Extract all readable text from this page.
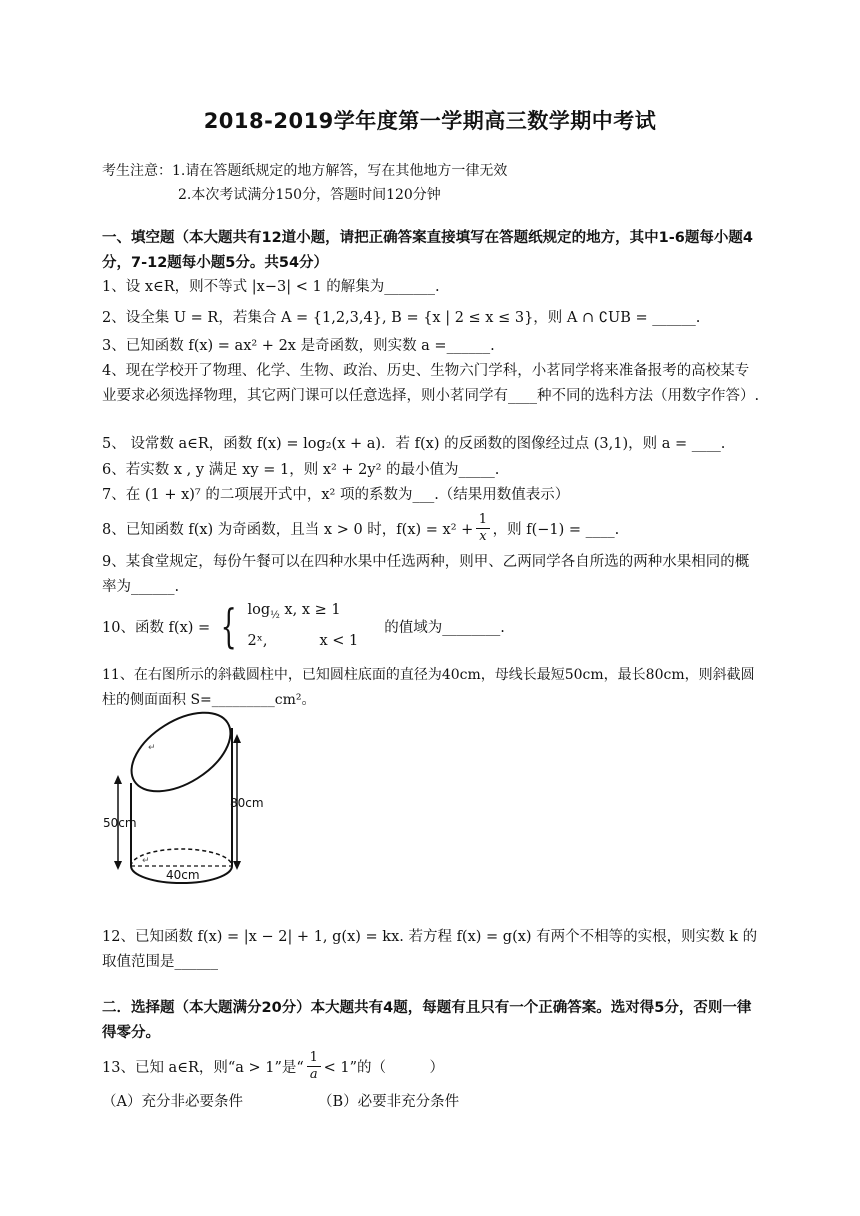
2018-2019学年度第一学期高三数学期中考试
考生注意： 1.请在答题纸规定的地方解答，写在其他地方一律无效
2.本次考试满分150分，答题时间120分钟
一、填空题（本大题共有12道小题，请把正确答案直接填写在答题纸规定的地方，其中1-6题每小题4分，7-12题每小题5分。共54分）
1、设 x∈R，则不等式 |x−3| < 1 的解集为_______.
2、设全集 U = R，若集合 A = {1,2,3,4}, B = {x | 2 ≤ x ≤ 3}，则 A ∩ ∁UB = ______.
3、已知函数 f(x) = ax² + 2x 是奇函数，则实数 a =______.
4、现在学校开了物理、化学、生物、政治、历史、生物六门学科，小茗同学将来准备报考的高校某专业要求必须选择物理，其它两门课可以任意选择，则小茗同学有____种不同的选科方法（用数字作答）.
5、 设常数 a∈R，函数 f(x) = log₂(x + a)．若 f(x) 的反函数的图像经过点 (3,1)，则 a = ____.
6、若实数 x , y 满足 xy = 1，则 x² + 2y² 的最小值为_____.
7、在 (1 + x)⁷ 的二项展开式中，x² 项的系数为___.（结果用数值表示）
8、已知函数 f(x) 为奇函数，且当 x > 0 时，$f(x) = x^2 + \frac{1}{x}$ ，则 f(−1) = ____.
9、某食堂规定，每份午餐可以在四种水果中任选两种，则甲、乙两同学各自所选的两种水果相同的概率为______.
10、函数 f(x) = { $\log_{\frac{1}{2}} x$, x ≥ 1
2ˣ,	x < 1
的值域为________.
11、在右图所示的斜截圆柱中，已知圆柱底面的直径为40cm，母线长最短50cm，最长80cm，则斜截圆柱的侧面面积 S=_________cm²。
↵
↵
50cm
80cm
40cm
12、已知函数 f(x) = |x − 2| + 1, g(x) = kx. 若方程 f(x) = g(x) 有两个不相等的实根，则实数 k 的取值范围是______
二．选择题（本大题满分20分）本大题共有4题，每题有且只有一个正确答案。选对得5分，否则一律得零分。
13、已知 a∈R，则“a > 1”是“ $\frac{1}{a} < 1$”的（　　　）
（A）充分非必要条件	（B）必要非充分条件
